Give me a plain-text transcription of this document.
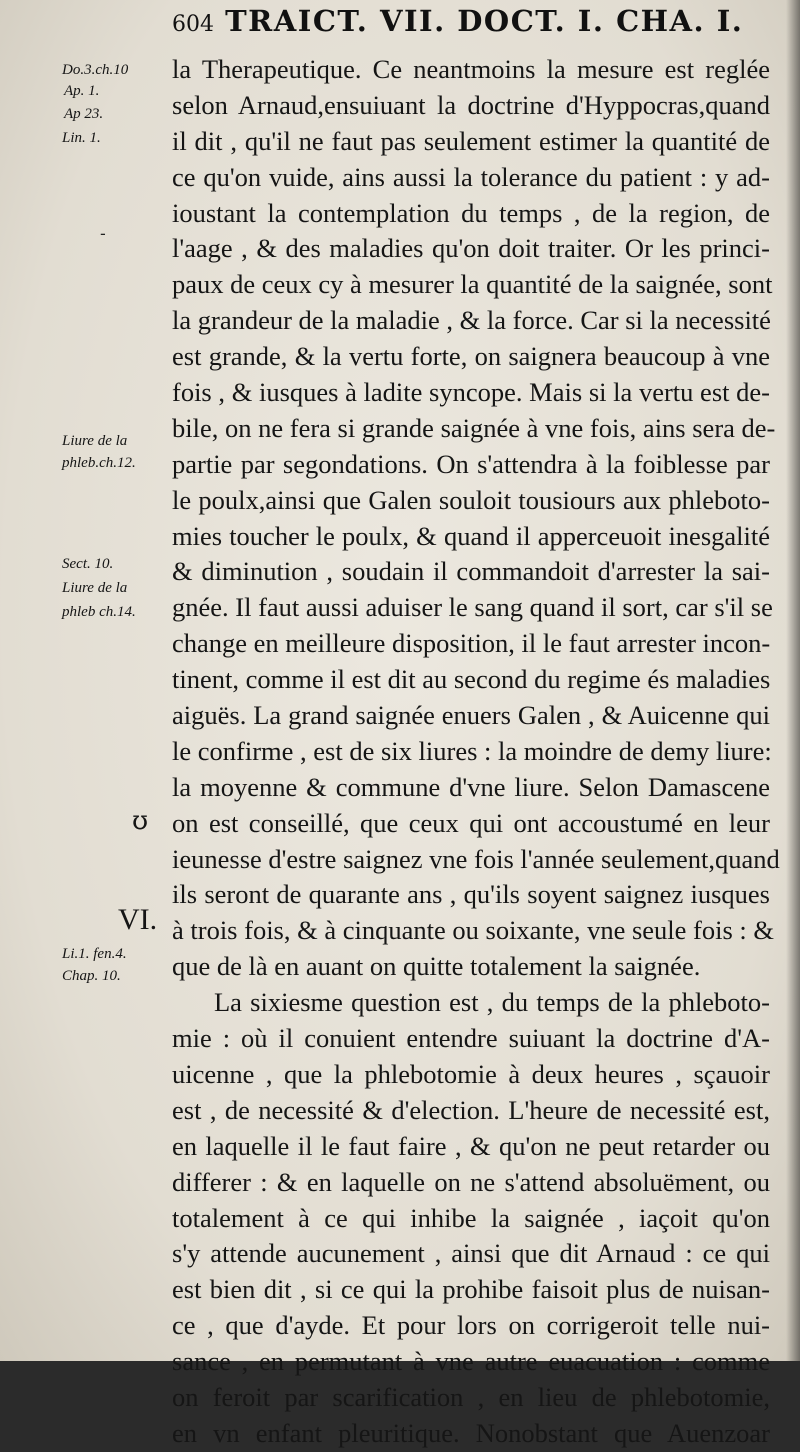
604 TRAICT. VII. DOCT. I. CHA. I.
Do.3.ch.10
Ap. 1.
Ap 23.
Lin. 1.
‑
Liure de la
phleb.ch.12.
Sect. 10.
Liure de la
phleb ch.14.
VI.
Li.1. fen.4.
Chap. 10.
ʊ
la Therapeutique. Ce neantmoins la mesure est reglée
selon Arnaud,ensuiuant la doctrine d'Hyppocras,quand
il dit , qu'il ne faut pas seulement estimer la quantité de
ce qu'on vuide, ains aussi la tolerance du patient : y ad-
ioustant la contemplation du temps , de la region, de
l'aage , & des maladies qu'on doit traiter. Or les princi-
paux de ceux cy à mesurer la quantité de la saignée, sont
la grandeur de la maladie , & la force. Car si la necessité
est grande, & la vertu forte, on saignera beaucoup à vne
fois , & iusques à ladite syncope. Mais si la vertu est de-
bile, on ne fera si grande saignée à vne fois, ains sera de-
partie par segondations. On s'attendra à la foiblesse par
le poulx,ainsi que Galen souloit tousiours aux phleboto-
mies toucher le poulx, & quand il apperceuoit inesgalité
& diminution , soudain il commandoit d'arrester la sai-
gnée. Il faut aussi aduiser le sang quand il sort, car s'il se
change en meilleure disposition, il le faut arrester incon-
tinent, comme il est dit au second du regime és maladies
aiguës. La grand saignée enuers Galen , & Auicenne qui
le confirme , est de six liures : la moindre de demy liure:
la moyenne & commune d'vne liure. Selon Damascene
on est conseillé, que ceux qui ont accoustumé en leur
ieunesse d'estre saignez vne fois l'année seulement,quand
ils seront de quarante ans , qu'ils soyent saignez iusques
à trois fois, & à cinquante ou soixante, vne seule fois : &
que de là en auant on quitte totalement la saignée.
La sixiesme question est , du temps de la phleboto-
mie : où il conuient entendre suiuant la doctrine d'A-
uicenne , que la phlebotomie à deux heures , sçauoir
est , de necessité & d'election. L'heure de necessité est,
en laquelle il le faut faire , & qu'on ne peut retarder ou
differer : & en laquelle on ne s'attend absoluëment, ou
totalement à ce qui inhibe la saignée , iaçoit qu'on
s'y attende aucunement , ainsi que dit Arnaud : ce qui
est bien dit , si ce qui la prohibe faisoit plus de nuisan-
ce , que d'ayde. Et pour lors on corrigeroit telle nui-
sance , en permutant à vne autre euacuation : comme
on feroit par scarification , en lieu de phlebotomie,
en vn enfant pleuritique. Nonobstant que Auenzoar
